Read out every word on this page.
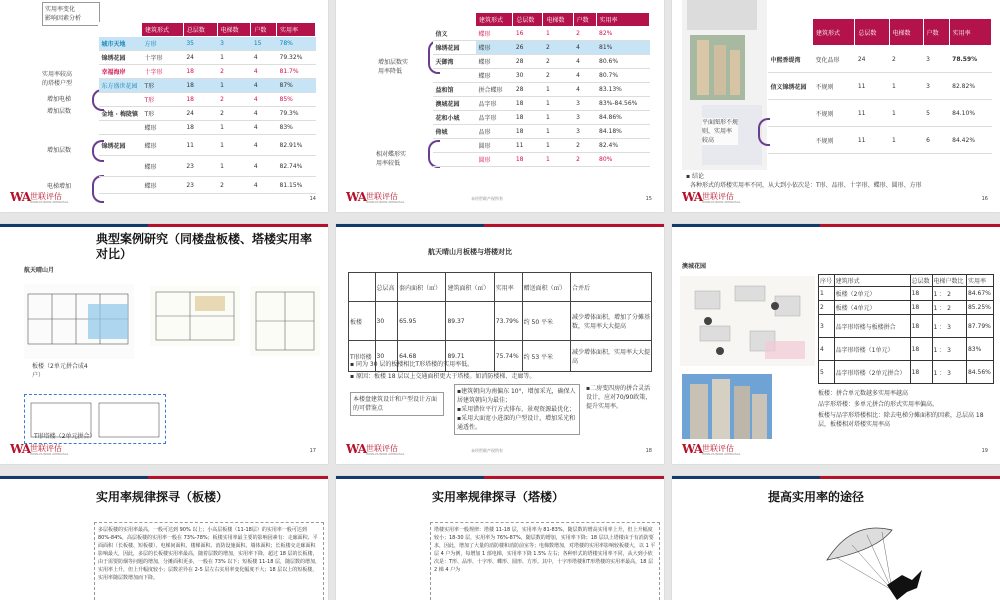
实用率变化
影响因素分析
实用率较高
的塔楼户型
增加电梯
增加层数
增加层数
电梯增加
	建筑形式	总层数	电梯数	户数	实用率
城市天地	方形	35	3	15	78%
锦绣花园	十字形	24	1	4	79.32%
幸福海岸	十字形	18	2	4	81.7%
东方盛世花园	T形	18	1	4	87%
	T形	18	2	4	85%
金地 · 梅陇镇	T形	24	2	4	79.3%
	蝶形	18	1	4	83%
锦绣花园	蝶形	11	1	4	82.91%
	蝶形	23	1	4	82.74%
	蝶形	23	2	4	81.15%
WA 世联评估
WORLDUNION APPRAISAL	14
增加层数实
用率降低
相对蝶形实
用率较低
	建筑形式	总层数	电梯数	户数	实用率
信义	蝶形	16	1	2	82%
锦绣花园	蝶形	26	2	4	81%
天御湾	蝶形	28	2	4	80.6%
	蝶形	30	2	4	80.7%
益和馆	拼合蝶形	28	1	4	83.13%
澳城花园	品字形	18	1	3	83%-84.56%
花和小城	品字形	18	1	3	84.86%
倚城	品形	18	1	3	84.18%
	圆形	11	1	2	82.4%
	圆形	18	1	2	80%
WA 世联评估
WORLDUNION APPRAISAL
未经世联产权所有	15
平面图形不规
则，实用率
较高
	建筑形式	总层数	电梯数	户数	实用率
中熙香缇湾	变化品形	24	2	3	78.59%
信义锦绣花园	不规则	11	1	3	82.82%
	不规则	11	1	5	84.10%
	不规则	11	1	6	84.42%
▪ 结论
各种形式的塔楼实用率不同，从大到小依次是：T形、品形、十字形、蝶形、圆形、方形
WA 世联评估
WORLDUNION APPRAISAL	16
典型案例研究（同楼盘板楼、塔楼实用率对比）
航天晴山月
板楼（2单元拼合成4
户）
T形塔楼（2单元拼合）
WA 世联评估
WORLDUNION APPRAISAL	17
航天晴山月板楼与塔楼对比
	总层高	套内面积（㎡）	建筑面积（㎡）	实用率	赠送面积（㎡）	合并后
板楼	30	65.95	89.37	73.79%	约 50 平米	减少增体面积，增加了分摊基数，实用率大大提高
T形塔楼	30	64.68	89.71	75.74%	约 53 平米	减少增体面积，实用率大大提高
▪ 同为 30 层的板楼相比T形塔楼的实用率低。
▪ 原因：板楼 18 层以上交通面积更大于塔楼。如消防楼梯、走廊等。
本楼盘建筑设计和户型设计方面的可借鉴点
▪建筑朝向为南偏东 10°，增加采光，确保人居建筑朝向为最佳；
▪采用错位平行方式排布，景观资源最优化；
▪采用大面宽小进深的户型设计，增加采光和通透性。
▪二房变四房的拼合灵活设计，应对70/90政策，提升实用率。
WA 世联评估
WORLDUNION APPRAISAL
未经世联产权所有	18
澳城花园
序号	建筑形式	总层数	电梯户数比	实用率
1	板楼（2单元）	18	1 ： 2	84.67%
2	板楼（4单元）	18	1 ： 2	85.25%
3	品字形塔楼与板楼拼合	18	1 ： 3	87.79%
4	品字形塔楼（1单元）	18	1 ： 3	83%
5	品字形塔楼（2单元拼合）	18	1 ： 3	84.56%
板楼：拼合单元数越多实用率越高
品字形塔楼：多单元拼合的形式实用率偏高。
板楼与品字形塔楼相比：除去电梯分摊面积的因素，总层高 18 层，板楼相对塔楼实用率高
WA 世联评估
WORLDUNION APPRAISAL	19
实用率规律探寻（板楼）
多层板楼的实用率最高，一般可达到 90% 以上；小高层板楼（11-18层）的实用率一般可达到 80%-84%，高层板楼的实用率一般在 73%-78%；板楼实用率最主要的影响因素有：走廊面积、平面面积（长板楼、短板楼）、电梯间面积、楼梯面积、消防设施面积、墙体面积；长板楼交走廊面积影响最大，因此，多层的长板楼实用率最高，随着层数的增加，实用率下降，超过 18 层的长板楼，由于需要防烟等问题的增加，分摊面积更多，一般在 73% 以下；短板楼 11-18 层，随层数的增加，实用率上升，但上升幅度较小；层数差异在 2-5 层左右实用率变化幅度不大；18 层以上的短板楼，实用率随层数增加而下降。
实用率规律探寻（塔楼）
塔楼实用率一般规律：塔楼 11-18 层，实用率为 81-83%，随层数的增高实用率上升，但上升幅度较小；18-30 层，实用率为 76%-87%，随层数的增加，实用率下降；18 层以上塔楼由于有消防要求，因此，增加了大量的消防楼和消防前室等；电梯数增加，对塔楼的实用率影响较板楼大，以 1 平层 4 户为例，每增加 1 部电梯，实用率下降 1.5% 左右；各种形式的塔楼实用率不同，从大到小依次是：T形、品形、十字形、蝶形、圆形、方形。其中，十字形塔楼和T形塔楼的实用率最高，18 层 2 梯 4 户为
提高实用率的途径
